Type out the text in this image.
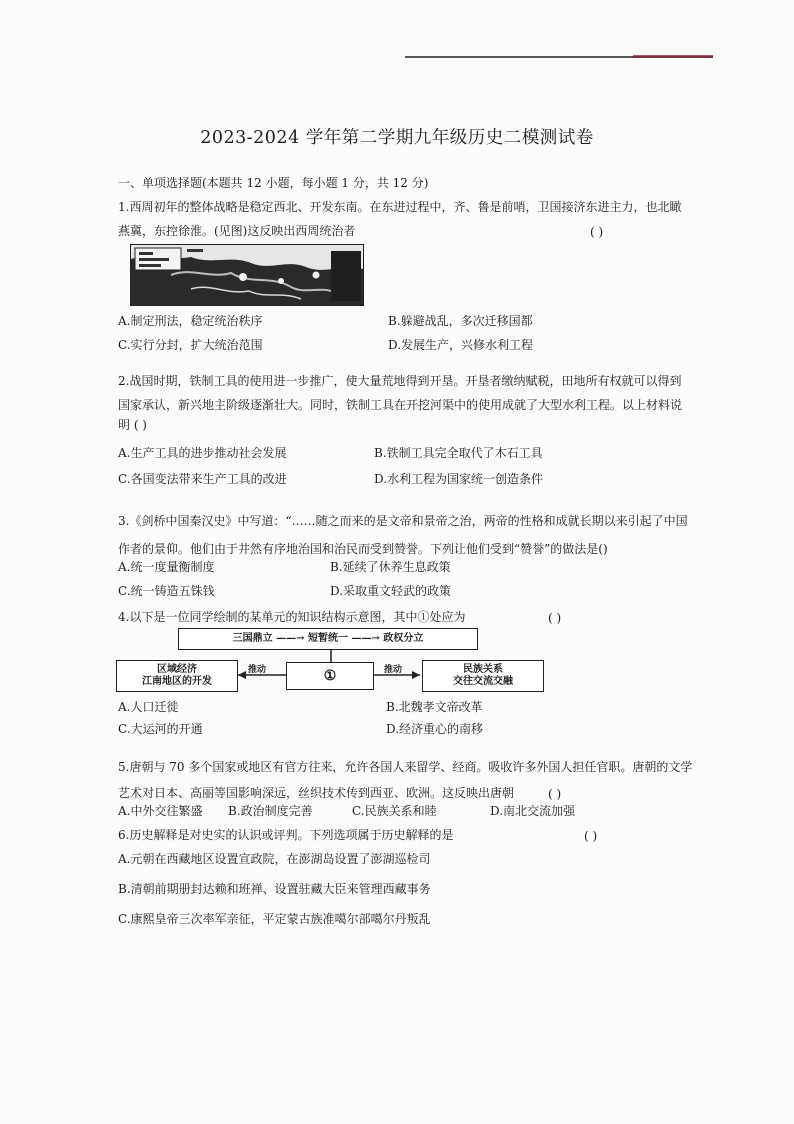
2023-2024 学年第二学期九年级历史二模测试卷
一、单项选择题(本题共 12 小题，每小题 1 分，共 12 分)
1.西周初年的整体战略是稳定西北、开发东南。在东进过程中，齐、鲁是前哨，卫国接济东进主力，也北瞰
燕冀，东控徐淮。(见图)这反映出西周统治者	( )
A.制定刑法，稳定统治秩序	B.躲避战乱，多次迁移国都
C.实行分封，扩大统治范围	D.发展生产，兴修水利工程
2.战国时期，铁制工具的使用进一步推广，使大量荒地得到开垦。开垦者缴纳赋税，田地所有权就可以得到
国家承认，新兴地主阶级逐渐壮大。同时，铁制工具在开挖河渠中的使用成就了大型水利工程。以上材料说
明 ( )
A.生产工具的进步推动社会发展	B.铁制工具完全取代了木石工具
C.各国变法带来生产工具的改进	D.水利工程为国家统一创造条件
3.《剑桥中国秦汉史》中写道：“……随之而来的是文帝和景帝之治，两帝的性格和成就长期以来引起了中国
作者的景仰。他们由于井然有序地治国和治民而受到赞誉。下列让他们受到“赞誉”的做法是()
A.统一度量衡制度	B.延续了休养生息政策
C.统一铸造五铢钱	D.采取重文轻武的政策
4.以下是一位同学绘制的某单元的知识结构示意图，其中①处应为	( )
三国鼎立 ——→ 短暂统一 ——→ 政权分立
区域经济
江南地区的开发	①	民族关系
交往交流交融
推动	推动
A.人口迁徙	B.北魏孝文帝改革
C.大运河的开通	D.经济重心的南移
5.唐朝与 70 多个国家或地区有官方往来，允许各国人来留学、经商。吸收许多外国人担任官职。唐朝的文学
艺术对日本、高丽等国影响深远，丝织技术传到西亚、欧洲。这反映出唐朝	( )
A.中外交往繁盛 B.政治制度完善	C.民族关系和睦	D.南北交流加强
6.历史解释是对史实的认识或评判。下列选项属于历史解释的是	( )
A.元朝在西藏地区设置宣政院，在澎湖岛设置了澎湖巡检司
B.清朝前期册封达赖和班禅、设置驻藏大臣来管理西藏事务
C.康熙皇帝三次率军亲征，平定蒙古族准噶尔部噶尔丹叛乱
